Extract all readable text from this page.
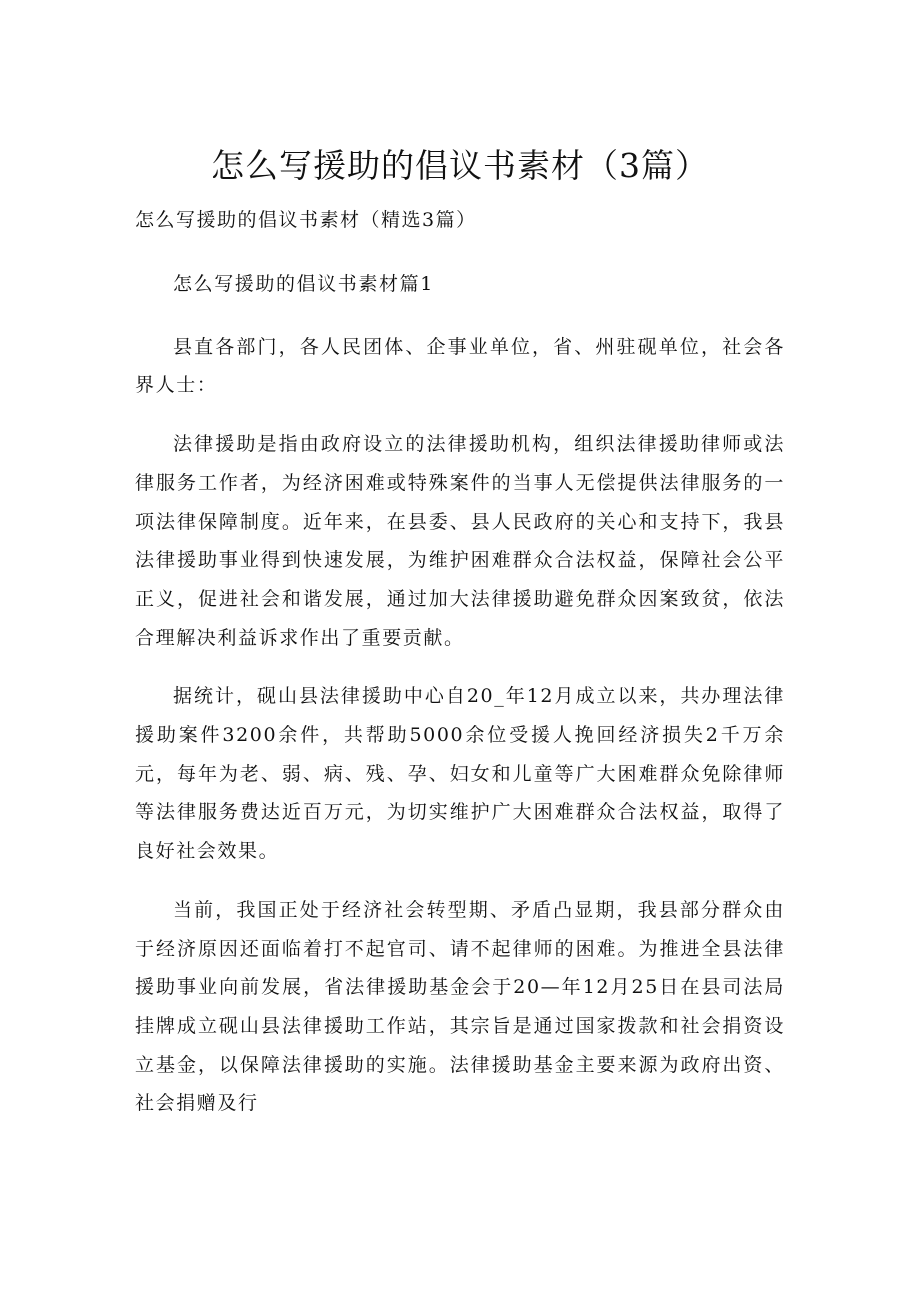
怎么写援助的倡议书素材（3篇）

怎么写援助的倡议书素材（精选3篇）

怎么写援助的倡议书素材篇1

县直各部门，各人民团体、企事业单位，省、州驻砚单位，社会各界人士：

法律援助是指由政府设立的法律援助机构，组织法律援助律师或法律服务工作者，为经济困难或特殊案件的当事人无偿提供法律服务的一项法律保障制度。近年来，在县委、县人民政府的关心和支持下，我县法律援助事业得到快速发展，为维护困难群众合法权益，保障社会公平正义，促进社会和谐发展，通过加大法律援助避免群众因案致贫，依法合理解决利益诉求作出了重要贡献。

据统计，砚山县法律援助中心自20_年12月成立以来，共办理法律援助案件3200余件，共帮助5000余位受援人挽回经济损失2千万余元，每年为老、弱、病、残、孕、妇女和儿童等广大困难群众免除律师等法律服务费达近百万元，为切实维护广大困难群众合法权益，取得了良好社会效果。

当前，我国正处于经济社会转型期、矛盾凸显期，我县部分群众由于经济原因还面临着打不起官司、请不起律师的困难。为推进全县法律援助事业向前发展，省法律援助基金会于20—年12月25日在县司法局挂牌成立砚山县法律援助工作站，其宗旨是通过国家拨款和社会捐资设立基金，以保障法律援助的实施。法律援助基金主要来源为政府出资、社会捐赠及行
